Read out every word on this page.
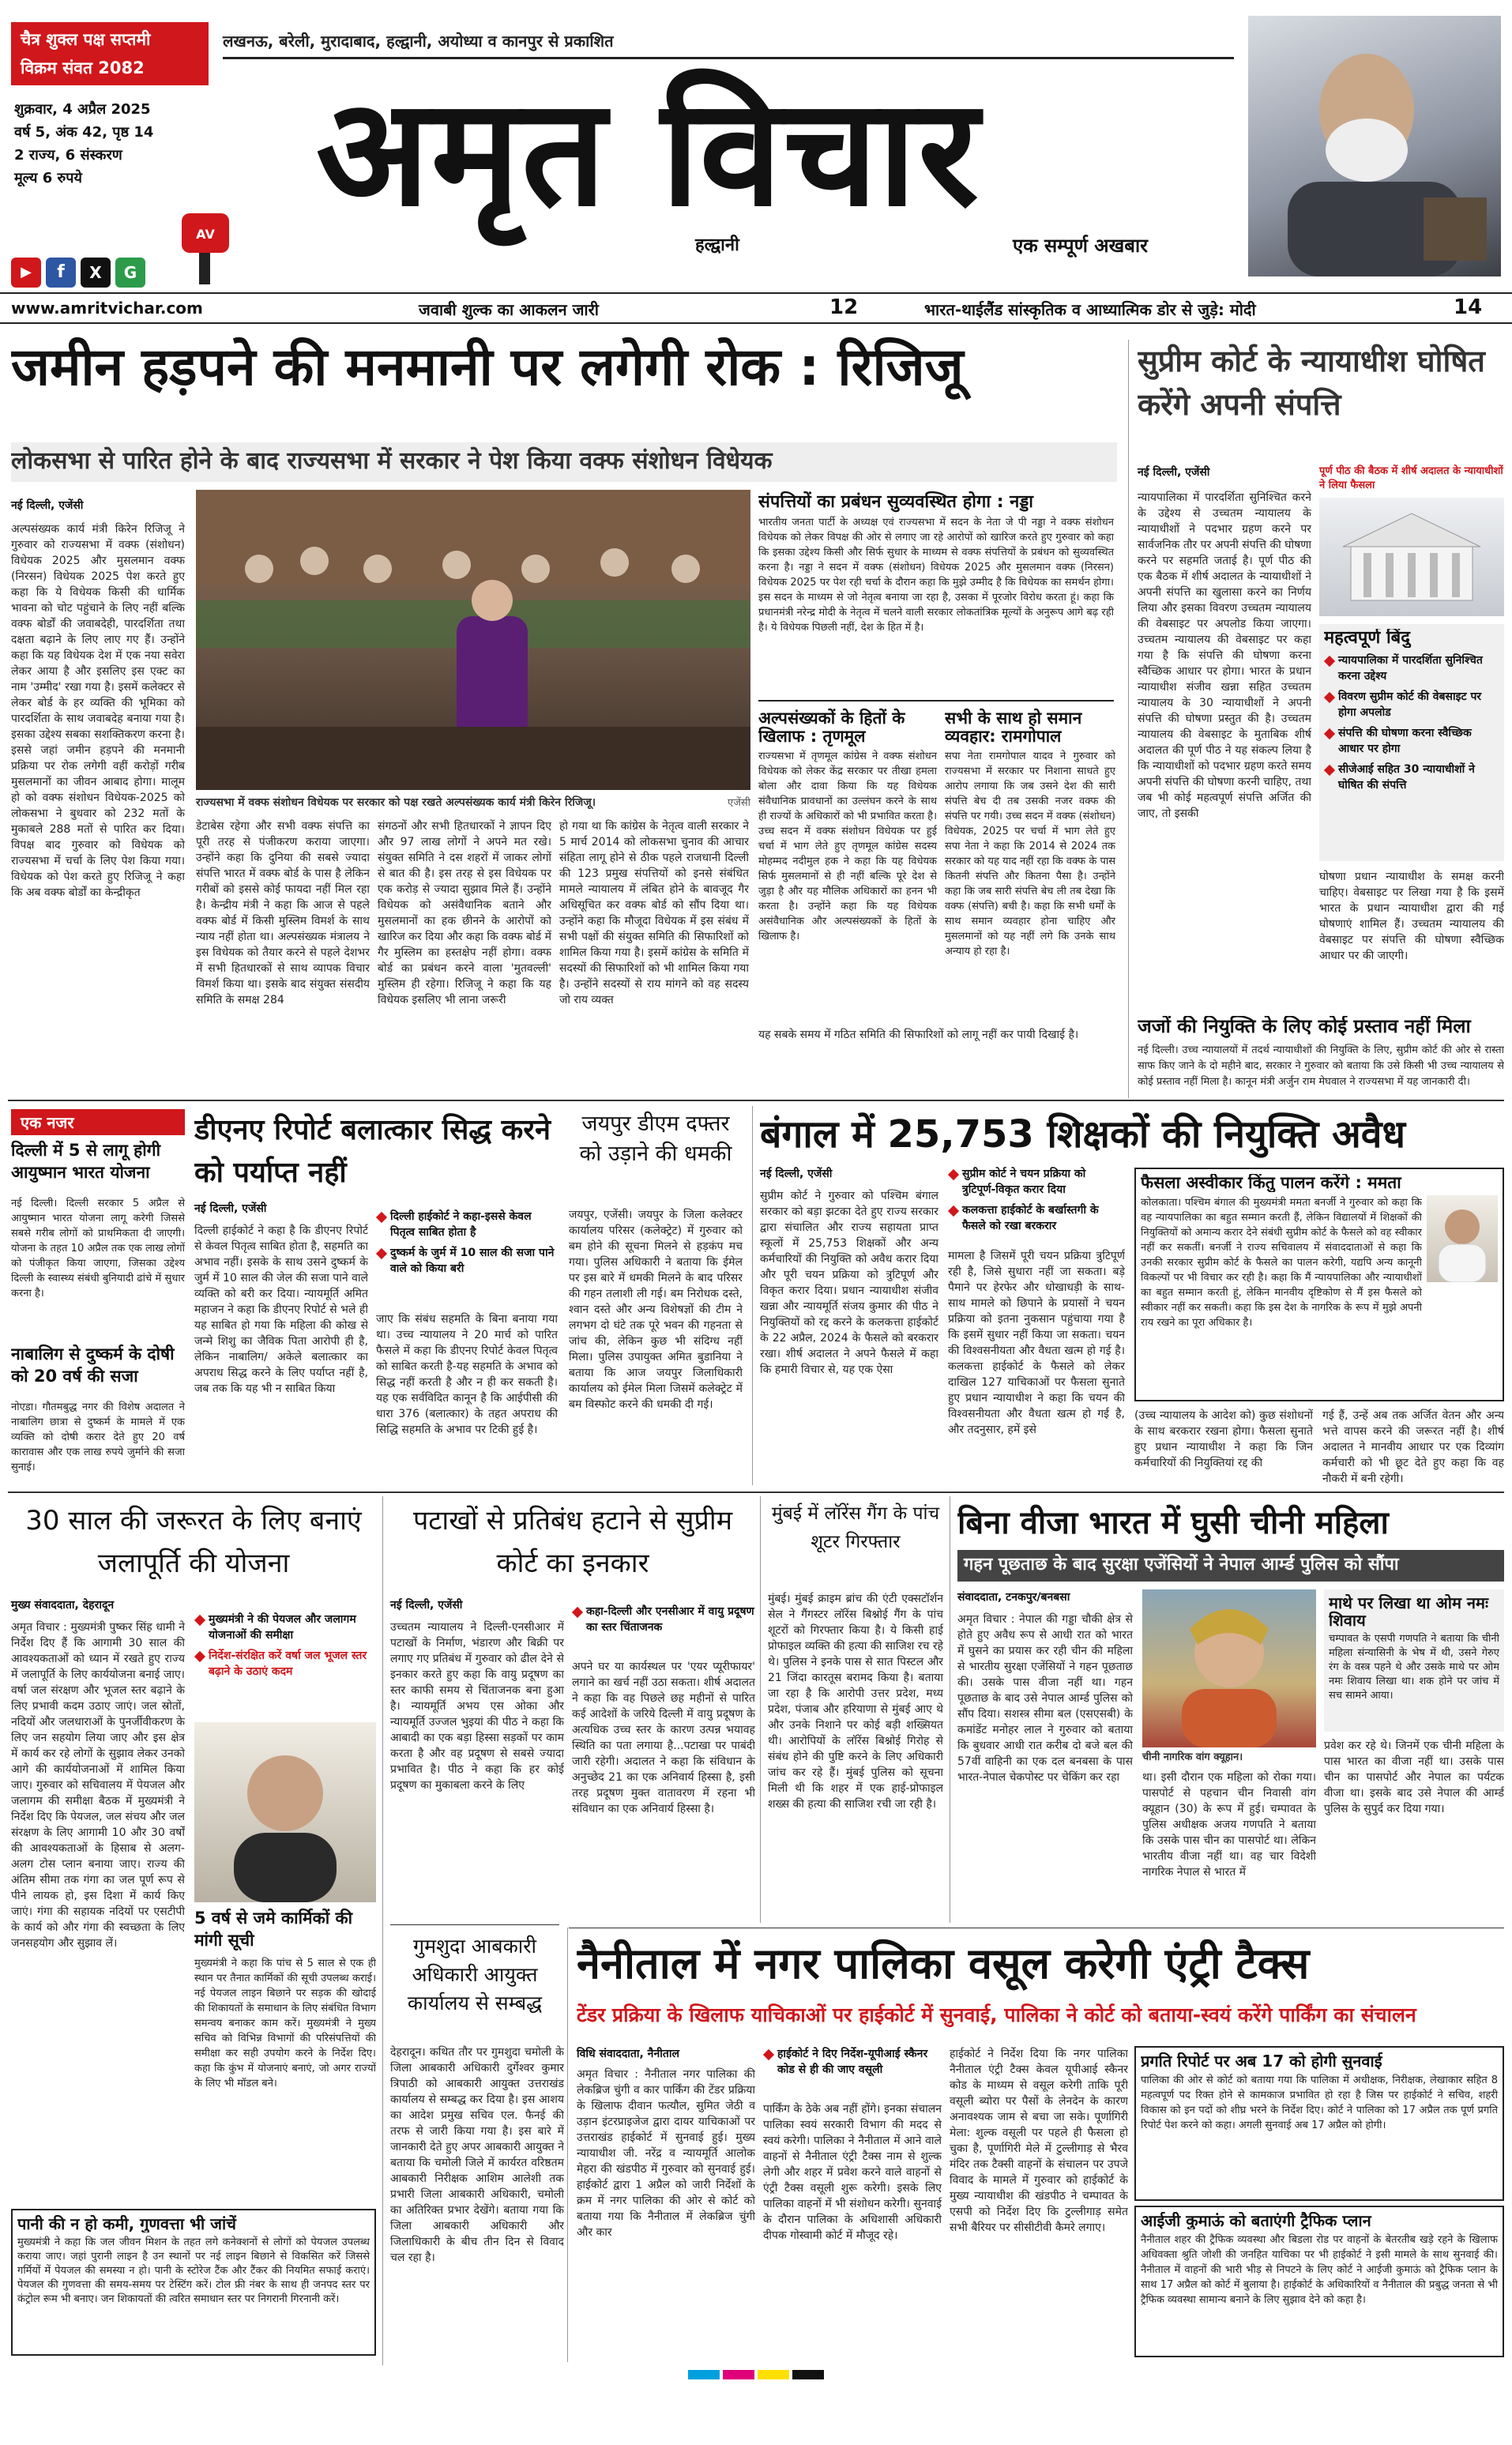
चैत्र शुक्ल पक्ष सप्तमी
विक्रम संवत 2082
लखनऊ, बरेली, मुरादाबाद, हल्द्वानी, अयोध्या व कानपुर से प्रकाशित
शुक्रवार, 4 अप्रैल 2025
वर्ष 5, अंक 42, पृष्ठ 14
2 राज्य, 6 संस्करण
मूल्य 6 रुपये	अमृत विचार
हल्द्वानी	एक सम्पूर्ण अखबार
AV
▶	f	X	G
www.amritvichar.com	जवाबी शुल्क का आकलन जारी	12	भारत-थाईलैंड सांस्कृतिक व आध्यात्मिक डोर से जुड़े: मोदी	14
जमीन हड़पने की मनमानी पर लगेगी रोक : रिजिजू
लोकसभा से पारित होने के बाद राज्यसभा में सरकार ने पेश किया वक्फ संशोधन विधेयक
नई दिल्ली, एजेंसी
अल्पसंख्यक कार्य मंत्री किरेन रिजिजू ने गुरुवार को राज्यसभा में वक्फ (संशोधन) विधेयक 2025 और मुसलमान वक्फ (निरसन) विधेयक 2025 पेश करते हुए कहा कि ये विधेयक किसी की धार्मिक भावना को चोट पहुंचाने के लिए नहीं बल्कि वक्फ बोर्डों की जवाबदेही, पारदर्शिता तथा दक्षता बढ़ाने के लिए लाए गए हैं। उन्होंने कहा कि यह विधेयक देश में एक नया सवेरा लेकर आया है और इसलिए इस एक्ट का नाम 'उम्मीद' रखा गया है। इसमें कलेक्टर से लेकर बोर्ड के हर व्यक्ति की भूमिका को पारदर्शिता के साथ जवाबदेह बनाया गया है। इसका उद्देश्य सबका सशक्तिकरण करना है। इससे जहां जमीन हड़पने की मनमानी प्रक्रिया पर रोक लगेगी वहीं करोड़ों गरीब मुसलमानों का जीवन आबाद होगा। मालूम हो को वक्फ संशोधन विधेयक-2025 को लोकसभा ने बुधवार को 232 मतों के मुकाबले 288 मतों से पारित कर दिया। विपक्ष बाद गुरुवार को विधेयक को राज्यसभा में चर्चा के लिए पेश किया गया। विधेयक को पेश करते हुए रिजिजू ने कहा कि अब वक्फ बोर्डों का केन्द्रीकृत
राज्यसभा में वक्फ संशोधन विधेयक पर सरकार को पक्ष रखते अल्पसंख्यक कार्य मंत्री किरेन रिजिजू।	एजेंसी
डेटाबेस रहेगा और सभी वक्फ संपत्ति का पूरी तरह से पंजीकरण कराया जाएगा। उन्होंने कहा कि दुनिया की सबसे ज्यादा संपत्ति भारत में वक्फ बोर्ड के पास है लेकिन गरीबों को इससे कोई फायदा नहीं मिल रहा है। केन्द्रीय मंत्री ने कहा कि आज से पहले वक्फ बोर्ड में किसी मुस्लिम विमर्श के साथ न्याय नहीं होता था। अल्पसंख्यक मंत्रालय ने इस विधेयक को तैयार करने से पहले देशभर में सभी हितधारकों से साथ व्यापक विचार विमर्श किया था। इसके बाद संयुक्त संसदीय समिति के समक्ष 284
संगठनों और सभी हितधारकों ने ज्ञापन दिए और 97 लाख लोगों ने अपने मत रखे। संयुक्त समिति ने दस शहरों में जाकर लोगों से बात की है। इस तरह से इस विधेयक पर एक करोड़ से ज्यादा सुझाव मिले हैं। उन्होंने विधेयक को असंवैधानिक बताने और मुसलमानों का हक छीनने के आरोपों को खारिज कर दिया और कहा कि वक्फ बोर्ड में गैर मुस्लिम का हस्तक्षेप नहीं होगा। वक्फ बोर्ड का प्रबंधन करने वाला 'मुतवल्ली' मुस्लिम ही रहेगा। रिजिजू ने कहा कि यह विधेयक इसलिए भी लाना जरूरी
हो गया था कि कांग्रेस के नेतृत्व वाली सरकार ने 5 मार्च 2014 को लोकसभा चुनाव की आचार संहिता लागू होने से ठीक पहले राजधानी दिल्ली की 123 प्रमुख संपत्तियों को इनसे संबंधित मामले न्यायालय में लंबित होने के बावजूद गैर अधिसूचित कर वक्फ बोर्ड को सौंप दिया था। उन्होंने कहा कि मौजूदा विधेयक में इस संबंध में सभी पक्षों की संयुक्त समिति की सिफारिशों को शामिल किया गया है। इसमें कांग्रेस के समिति में सदस्यों की सिफारिशों को भी शामिल किया गया है। उन्होंने सदस्यों से राय मांगने को वह सदस्य जो राय व्यक्त
यह सबके समय में गठित समिति की सिफारिशों को लागू नहीं कर पायी दिखाई है।
संपत्तियों का प्रबंधन सुव्यवस्थित होगा : नड्डा
भारतीय जनता पार्टी के अध्यक्ष एवं राज्यसभा में सदन के नेता जे पी नड्डा ने वक्फ संशोधन विधेयक को लेकर विपक्ष की ओर से लगाए जा रहे आरोपों को खारिज करते हुए गुरुवार को कहा कि इसका उद्देश्य किसी और सिर्फ सुधार के माध्यम से वक्फ संपत्तियों के प्रबंधन को सुव्यवस्थित करना है। नड्डा ने सदन में वक्फ (संशोधन) विधेयक 2025 और मुसलमान वक्फ (निरसन) विधेयक 2025 पर पेश रही चर्चा के दौरान कहा कि मुझे उम्मीद है कि विधेयक का समर्थन होगा। इस सदन के माध्यम से जो नेतृत्व बनाया जा रहा है, उसका में पूरजोर विरोध करता हूं। कहा कि प्रधानमंत्री नरेन्द्र मोदी के नेतृत्व में चलने वाली सरकार लोकतांत्रिक मूल्यों के अनुरूप आगे बढ़ रही है। ये विधेयक पिछली नहीं, देश के हित में है।
अल्पसंख्यकों के हितों के खिलाफ : तृणमूल
राज्यसभा में तृणमूल कांग्रेस ने वक्फ संशोधन विधेयक को लेकर केंद्र सरकार पर तीखा हमला बोला और दावा किया कि यह विधेयक संवैधानिक प्रावधानों का उल्लंघन करने के साथ ही राज्यों के अधिकारों को भी प्रभावित करता है। उच्च सदन में वक्फ संशोधन विधेयक पर हुई चर्चा में भाग लेते हुए तृणमूल कांग्रेस सदस्य मोहम्मद नदीमुल हक ने कहा कि यह विधेयक सिर्फ मुसलमानों से ही नहीं बल्कि पूरे देश से जुड़ा है और यह मौलिक अधिकारों का हनन भी करता है। उन्होंने कहा कि यह विधेयक असंवैधानिक और अल्पसंख्यकों के हितों के खिलाफ है।
सभी के साथ हो समान व्यवहार: रामगोपाल
सपा नेता रामगोपाल यादव ने गुरुवार को राज्यसभा में सरकार पर निशाना साधते हुए आरोप लगाया कि जब उसने देश की सारी संपत्ति बेच दी तब उसकी नजर वक्फ की संपत्ति पर गयी। उच्च सदन में वक्फ (संशोधन) विधेयक, 2025 पर चर्चा में भाग लेते हुए सपा नेता ने कहा कि 2014 से 2024 तक सरकार को यह याद नहीं रहा कि वक्फ के पास कितनी संपत्ति और कितना पैसा है। उन्होंने कहा कि जब सारी संपत्ति बेच ली तब देखा कि वक्फ (संपत्ति) बची है। कहा कि सभी धर्मों के साथ समान व्यवहार होना चाहिए और मुसलमानों को यह नहीं लगे कि उनके साथ अन्याय हो रहा है।
सुप्रीम कोर्ट के न्यायाधीश घोषित करेंगे अपनी संपत्ति
नई दिल्ली, एजेंसी	पूर्ण पीठ की बैठक में शीर्ष अदालत के न्यायाधीशों ने लिया फैसला
न्यायपालिका में पारदर्शिता सुनिश्चित करने के उद्देश्य से उच्चतम न्यायालय के न्यायाधीशों ने पदभार ग्रहण करने पर सार्वजनिक तौर पर अपनी संपत्ति की घोषणा करने पर सहमति जताई है। पूर्ण पीठ की एक बैठक में शीर्ष अदालत के न्यायाधीशों ने अपनी संपत्ति का खुलासा करने का निर्णय लिया और इसका विवरण उच्चतम न्यायालय की वेबसाइट पर अपलोड किया जाएगा। उच्चतम न्यायालय की वेबसाइट पर कहा गया है कि संपत्ति की घोषणा करना स्वैच्छिक आधार पर होगा। भारत के प्रधान न्यायाधीश संजीव खन्ना सहित उच्चतम न्यायालय के 30 न्यायाधीशों ने अपनी संपत्ति की घोषणा प्रस्तुत की है। उच्चतम न्यायालय की वेबसाइट के मुताबिक शीर्ष अदालत की पूर्ण पीठ ने यह संकल्प लिया है कि न्यायाधीशों को पदभार ग्रहण करते समय अपनी संपत्ति की घोषणा करनी चाहिए, तथा जब भी कोई महत्वपूर्ण संपत्ति अर्जित की जाए, तो इसकी
महत्वपूर्ण बिंदु
न्यायपालिका में पारदर्शिता सुनिश्चित करना उद्देश्य
विवरण सुप्रीम कोर्ट की वेबसाइट पर होगा अपलोड
संपत्ति की घोषणा करना स्वैच्छिक आधार पर होगा
सीजेआई सहित 30 न्यायाधीशों ने घोषित की संपत्ति
घोषणा प्रधान न्यायाधीश के समक्ष करनी चाहिए। वेबसाइट पर लिखा गया है कि इसमें भारत के प्रधान न्यायाधीश द्वारा की गई घोषणाएं शामिल हैं। उच्चतम न्यायालय की वेबसाइट पर संपत्ति की घोषणा स्वैच्छिक आधार पर की जाएगी।
जजों की नियुक्ति के लिए कोई प्रस्ताव नहीं मिला
नई दिल्ली। उच्च न्यायालयों में तदर्थ न्यायाधीशों की नियुक्ति के लिए, सुप्रीम कोर्ट की ओर से रास्ता साफ किए जाने के दो महीने बाद, सरकार ने गुरुवार को बताया कि उसे किसी भी उच्च न्यायालय से कोई प्रस्ताव नहीं मिला है। कानून मंत्री अर्जुन राम मेघवाल ने राज्यसभा में यह जानकारी दी।
एक नजर
दिल्ली में 5 से लागू होगी आयुष्मान भारत योजना
नई दिल्ली। दिल्ली सरकार 5 अप्रैल से आयुष्मान भारत योजना लागू करेगी जिससे सबसे गरीब लोगों को प्राथमिकता दी जाएगी। योजना के तहत 10 अप्रैल तक एक लाख लोगों को पंजीकृत किया जाएगा, जिसका उद्देश्य दिल्ली के स्वास्थ्य संबंधी बुनियादी ढांचे में सुधार करना है।
नाबालिग से दुष्कर्म के दोषी को 20 वर्ष की सजा
नोएडा। गौतमबुद्ध नगर की विशेष अदालत ने नाबालिग छात्रा से दुष्कर्म के मामले में एक व्यक्ति को दोषी करार देते हुए 20 वर्ष कारावास और एक लाख रुपये जुर्माने की सजा सुनाई।
डीएनए रिपोर्ट बलात्कार सिद्ध करने को पर्याप्त नहीं
नई दिल्ली, एजेंसी
दिल्ली हाईकोर्ट ने कहा-इससे केवल पितृत्व साबित होता है
दुष्कर्म के जुर्म में 10 साल की सजा पाने वाले को किया बरी
दिल्ली हाईकोर्ट ने कहा है कि डीएनए रिपोर्ट से केवल पितृत्व साबित होता है, सहमति का अभाव नहीं। इसके के साथ उसने दुष्कर्म के जुर्म में 10 साल की जेल की सजा पाने वाले व्यक्ति को बरी कर दिया। न्यायमूर्ति अमित महाजन ने कहा कि डीएनए रिपोर्ट से भले ही यह साबित हो गया कि महिला की कोख से जन्मे शिशु का जैविक पिता आरोपी ही है, लेकिन नाबालिग/ अकेले बलात्कार का अपराध सिद्ध करने के लिए पर्याप्त नहीं है, जब तक कि यह भी न साबित किया
जाए कि संबंध सहमति के बिना बनाया गया था। उच्च न्यायालय ने 20 मार्च को पारित फैसले में कहा कि डीएनए रिपोर्ट केवल पितृत्व को साबित करती है-यह सहमति के अभाव को सिद्ध नहीं करती है और न ही कर सकती है। यह एक सर्वविदित कानून है कि आईपीसी की धारा 376 (बलात्कार) के तहत अपराध की सिद्धि सहमति के अभाव पर टिकी हुई है।
जयपुर डीएम दफ्तर को उड़ाने की धमकी
जयपुर, एजेंसी। जयपुर के जिला कलेक्टर कार्यालय परिसर (कलेक्ट्रेट) में गुरुवार को बम होने की सूचना मिलने से हड़कंप मच गया। पुलिस अधिकारी ने बताया कि ईमेल पर इस बारे में धमकी मिलने के बाद परिसर की गहन तलाशी ली गई। बम निरोधक दस्ते, श्वान दस्ते और अन्य विशेषज्ञों की टीम ने लगभग दो घंटे तक पूरे भवन की गहनता से जांच की, लेकिन कुछ भी संदिग्ध नहीं मिला। पुलिस उपायुक्त अमित बुडानिया ने बताया कि आज जयपुर जिलाधिकारी कार्यालय को ईमेल मिला जिसमें कलेक्ट्रेट में बम विस्फोट करने की धमकी दी गई।
बंगाल में 25,753 शिक्षकों की नियुक्ति अवैध
नई दिल्ली, एजेंसी	सुप्रीम कोर्ट ने चयन प्रक्रिया को त्रुटिपूर्ण-विकृत करार दिया
कलकत्ता हाईकोर्ट के बर्खास्तगी के फैसले को रखा बरकरार
सुप्रीम कोर्ट ने गुरुवार को पश्चिम बंगाल सरकार को बड़ा झटका देते हुए राज्य सरकार द्वारा संचालित और राज्य सहायता प्राप्त स्कूलों में 25,753 शिक्षकों और अन्य कर्मचारियों की नियुक्ति को अवैध करार दिया और पूरी चयन प्रक्रिया को त्रुटिपूर्ण और विकृत करार दिया। प्रधान न्यायाधीश संजीव खन्ना और न्यायमूर्ति संजय कुमार की पीठ ने नियुक्तियों को रद्द करने के कलकत्ता हाईकोर्ट के 22 अप्रैल, 2024 के फैसले को बरकरार रखा। शीर्ष अदालत ने अपने फैसले में कहा कि हमारी विचार से, यह एक ऐसा
मामला है जिसमें पूरी चयन प्रक्रिया त्रुटिपूर्ण रही है, जिसे सुधारा नहीं जा सकता। बड़े पैमाने पर हेरफेर और धोखाधड़ी के साथ-साथ मामले को छिपाने के प्रयासों ने चयन प्रक्रिया को इतना नुकसान पहुंचाया गया है कि इसमें सुधार नहीं किया जा सकता। चयन की विश्वसनीयता और वैधता खत्म हो गई है। कलकत्ता हाईकोर्ट के फैसले को लेकर दाखिल 127 याचिकाओं पर फैसला सुनाते हुए प्रधान न्यायाधीश ने कहा कि चयन की विश्वसनीयता और वैधता खत्म हो गई है, और तदनुसार, हमें इसे
फैसला अस्वीकार किंतु पालन करेंगे : ममता
कोलकाता। पश्चिम बंगाल की मुख्यमंत्री ममता बनर्जी ने गुरुवार को कहा कि वह न्यायपालिका का बहुत सम्मान करती हैं, लेकिन विद्यालयों में शिक्षकों की नियुक्तियों को अमान्य करार देने संबंधी सुप्रीम कोर्ट के फैसले को वह स्वीकार नहीं कर सकतीं। बनर्जी ने राज्य सचिवालय में संवाददाताओं से कहा कि उनकी सरकार सुप्रीम कोर्ट के फैसले का पालन करेगी, यद्यपि अन्य कानूनी विकल्पों पर भी विचार कर रही है। कहा कि मैं न्यायपालिका और न्यायाधीशों का बहुत सम्मान करती हूं, लेकिन मानवीय दृष्टिकोण से मैं इस फैसले को स्वीकार नहीं कर सकती। कहा कि इस देश के नागरिक के रूप में मुझे अपनी राय रखने का पूरा अधिकार है।
(उच्च न्यायालय के आदेश को) कुछ संशोधनों के साथ बरकरार रखना होगा। फैसला सुनाते हुए प्रधान न्यायाधीश ने कहा कि जिन कर्मचारियों की नियुक्तियां रद्द की
गई हैं, उन्हें अब तक अर्जित वेतन और अन्य भत्ते वापस करने की जरूरत नहीं है। शीर्ष अदालत ने मानवीय आधार पर एक दिव्यांग कर्मचारी को भी छूट देते हुए कहा कि वह नौकरी में बनी रहेगी।
30 साल की जरूरत के लिए बनाएं जलापूर्ति की योजना
मुख्य संवाददाता, देहरादून
अमृत विचार : मुख्यमंत्री पुष्कर सिंह धामी ने निर्देश दिए हैं कि आगामी 30 साल की आवश्यकताओं को ध्यान में रखते हुए राज्य में जलापूर्ति के लिए कार्ययोजना बनाई जाए। वर्षा जल संरक्षण और भूजल स्तर बढ़ाने के लिए प्रभावी कदम उठाए जाएं। जल स्रोतों, नदियों और जलधाराओं के पुनर्जीवीकरण के लिए जन सहयोग लिया जाए और इस क्षेत्र में कार्य कर रहे लोगों के सुझाव लेकर उनको आगे की कार्ययोजनाओं में शामिल किया जाए। गुरुवार को सचिवालय में पेयजल और जलागम की समीक्षा बैठक में मुख्यमंत्री ने निर्देश दिए कि पेयजल, जल संचय और जल संरक्षण के लिए आगामी 10 और 30 वर्षों की आवश्यकताओं के हिसाब से अलग-अलग टोस प्लान बनाया जाए। राज्य की अंतिम सीमा तक गंगा का जल पूर्ण रूप से पीने लायक हो, इस दिशा में कार्य किए जाएं। गंगा की सहायक नदियों पर एसटीपी के कार्य को और गंगा की स्वच्छता के लिए जनसहयोग और सुझाव लें।
मुख्यमंत्री ने की पेयजल और जलागम योजनाओं की समीक्षा
निर्देश-संरक्षित करें वर्षा जल भूजल स्तर बढ़ाने के उठाएं कदम
5 वर्ष से जमे कार्मिकों की मांगी सूची
मुख्यमंत्री ने कहा कि पांच से 5 साल से एक ही स्थान पर तैनात कार्मिकों की सूची उपलब्ध कराई। नई पेयजल लाइन बिछाने पर सड़क की खोदाई की शिकायतों के समाधान के लिए संबंधित विभाग समन्वय बनाकर काम करें। मुख्यमंत्री ने मुख्य सचिव को विभिन्न विभागों की परिसंपत्तियों की समीक्षा कर सही उपयोग करने के निर्देश दिए। कहा कि कुंभ में योजनाएं बनाएं, जो अगर राज्यों के लिए भी मॉडल बने।
पानी की न हो कमी, गुणवत्ता भी जांचें
मुख्यमंत्री ने कहा कि जल जीवन मिशन के तहत लगे कनेक्शनों से लोगों को पेयजल उपलब्ध कराया जाए। जहां पुरानी लाइन है उन स्थानों पर नई लाइन बिछाने से विकसित करें जिससे गर्मियों में पेयजल की समस्या न हो। पानी के स्टोरेज टैंक और टैंकर की नियमित सफाई कराएं। पेयजल की गुणवत्ता की समय-समय पर टेस्टिंग करें। टोल फ्री नंबर के साथ ही जनपद स्तर पर कंट्रोल रूम भी बनाए। जन शिकायतों की त्वरित समाधान स्तर पर निगरानी गिरनानी करें।
पटाखों से प्रतिबंध हटाने से सुप्रीम कोर्ट का इनकार
नई दिल्ली, एजेंसी	कहा-दिल्ली और एनसीआर में वायु प्रदूषण का स्तर चिंताजनक
उच्चतम न्यायालय ने दिल्ली-एनसीआर में पटाखों के निर्माण, भंडारण और बिक्री पर लगाए गए प्रतिबंध में गुरुवार को ढील देने से इनकार करते हुए कहा कि वायु प्रदूषण का स्तर काफी समय से चिंताजनक बना हुआ है। न्यायमूर्ति अभय एस ओका और न्यायमूर्ति उज्जल भुइयां की पीठ ने कहा कि आबादी का एक बड़ा हिस्सा सड़कों पर काम करता है और वह प्रदूषण से सबसे ज्यादा प्रभावित है। पीठ ने कहा कि हर कोई प्रदूषण का मुकाबला करने के लिए
अपने घर या कार्यस्थल पर 'एयर प्यूरीफायर' लगाने का खर्च नहीं उठा सकता। शीर्ष अदालत ने कहा कि वह पिछले छह महीनों से पारित कई आदेशों के जरिये दिल्ली में वायु प्रदूषण के अत्यधिक उच्च स्तर के कारण उत्पन्न भयावह स्थिति का पता लगाया है...पटाखा पर पाबंदी जारी रहेगी। अदालत ने कहा कि संविधान के अनुच्छेद 21 का एक अनिवार्य हिस्सा है, इसी तरह प्रदूषण मुक्त वातावरण में रहना भी संविधान का एक अनिवार्य हिस्सा है।
गुमशुदा आबकारी अधिकारी आयुक्त कार्यालय से सम्बद्ध
देहरादून। कथित तौर पर गुमशुदा चमोली के जिला आबकारी अधिकारी दुर्गेश्वर कुमार त्रिपाठी को आबकारी आयुक्त उत्तराखंड कार्यालय से सम्बद्ध कर दिया है। इस आशय का आदेश प्रमुख सचिव एल. फैनई की तरफ से जारी किया गया है। इस बारे में जानकारी देते हुए अपर आबकारी आयुक्त ने बताया कि चमोली जिले में कार्यरत वरिष्ठतम आबकारी निरीक्षक आशिम आलेशी तक प्रभारी जिला आबकारी अधिकारी, चमोली का अतिरिक्त प्रभार देखेंगे। बताया गया कि जिला आबकारी अधिकारी और जिलाधिकारी के बीच तीन दिन से विवाद चल रहा है।
नैनीताल में नगर पालिका वसूल करेगी एंट्री टैक्स
टेंडर प्रक्रिया के खिलाफ याचिकाओं पर हाईकोर्ट में सुनवाई, पालिका ने कोर्ट को बताया-स्वयं करेंगे पार्किंग का संचालन
विधि संवाददाता, नैनीताल	हाईकोर्ट ने दिए निर्देश-यूपीआई स्कैनर कोड से ही की जाए वसूली
अमृत विचार : नैनीताल नगर पालिका की लेकब्रिज चुंगी व कार पार्किंग की टेंडर प्रक्रिया के खिलाफ दीवान फत्यौल, सुमित जेठी व उड़ान इंटरप्राइजेज द्वारा दायर याचिकाओं पर उत्तराखंड हाईकोर्ट में सुनवाई हुई। मुख्य न्यायाधीश जी. नरेंद्र व न्यायमूर्ति आलोक मेहरा की खंडपीठ में गुरुवार को सुनवाई हुई। हाईकोर्ट द्वारा 1 अप्रैल को जारी निर्देशों के क्रम में नगर पालिका की ओर से कोर्ट को बताया गया कि नैनीताल में लेकब्रिज चुंगी और कार
पार्किंग के ठेके अब नहीं होंगे। इनका संचालन पालिका स्वयं सरकारी विभाग की मदद से स्वयं करेगी। पालिका ने नैनीताल में आने वाले वाहनों से नैनीताल एंट्री टैक्स नाम से शुल्क लेगी और शहर में प्रवेश करने वाले वाहनों से एंट्री टैक्स वसूली शुरू करेगी। इसके लिए पालिका वाहनों में भी संशोधन करेगी। सुनवाई के दौरान पालिका के अधिशासी अधिकारी दीपक गोस्वामी कोर्ट में मौजूद रहे।
हाईकोर्ट ने निर्देश दिया कि नगर पालिका नैनीताल एंट्री टैक्स केवल यूपीआई स्कैनर कोड के माध्यम से वसूल करेगी ताकि पूरी वसूली ब्योरा पर पैसों के लेनदेन के कारण अनावश्यक जाम से बचा जा सके। पूर्णागिरी मेला: शुल्क वसूली पर पहले ही फैसला हो चुका है, पूर्णागिरी मेले में टुल्लीगाड़ से भैरव मंदिर तक टैक्सी वाहनों के संचालन पर उपजे विवाद के मामले में गुरुवार को हाईकोर्ट के मुख्य न्यायाधीश की खंडपीठ ने चम्पावत के एसपी को निर्देश दिए कि टुल्लीगाड़ समेत सभी बैरियर पर सीसीटीवी कैमरे लगाए।
प्रगति रिपोर्ट पर अब 17 को होगी सुनवाई
पालिका की ओर से कोर्ट को बताया गया कि पालिका में अधीक्षक, निरीक्षक, लेखाकार सहित 8 महत्वपूर्ण पद रिक्त होने से कामकाज प्रभावित हो रहा है जिस पर हाईकोर्ट ने सचिव, शहरी विकास को इन पदों को शीघ्र भरने के निर्देश दिए। कोर्ट ने पालिका को 17 अप्रैल तक पूर्ण प्रगति रिपोर्ट पेश करने को कहा। अगली सुनवाई अब 17 अप्रैल को होगी।
आईजी कुमाऊं को बताएंगी ट्रैफिक प्लान
नैनीताल शहर की ट्रैफिक व्यवस्था और बिडला रोड पर वाहनों के बेतरतीब खड़े रहने के खिलाफ अधिवक्ता श्रुति जोशी की जनहित याचिका पर भी हाईकोर्ट ने इसी मामले के साथ सुनवाई की। नैनीताल में वाहनों की भारी भीड़ से निपटने के लिए कोर्ट ने आईजी कुमाऊं को ट्रैफिक प्लान के साथ 17 अप्रैल को कोर्ट में बुलाया है। हाईकोर्ट के अधिकारियों व नैनीताल की प्रबुद्ध जनता से भी ट्रैफिक व्यवस्था सामान्य बनाने के लिए सुझाव देने को कहा है।
मुंबई में लॉरेंस गैंग के पांच शूटर गिरफ्तार
मुंबई। मुंबई क्राइम ब्रांच की एंटी एक्सटॉर्शन सेल ने गैंगस्टर लॉरेंस बिश्नोई गैंग के पांच शूटरों को गिरफ्तार किया है। ये किसी हाई प्रोफाइल व्यक्ति की हत्या की साजिश रच रहे थे। पुलिस ने इनके पास से सात पिस्टल और 21 जिंदा कारतूस बरामद किया है। बताया जा रहा है कि आरोपी उत्तर प्रदेश, मध्य प्रदेश, पंजाब और हरियाणा से मुंबई आए थे और उनके निशाने पर कोई बड़ी शख्सियत थी। आरोपियों के लॉरेंस बिश्नोई गिरोह से संबंध होने की पुष्टि करने के लिए अधिकारी जांच कर रहे हैं। मुंबई पुलिस को सूचना मिली थी कि शहर में एक हाई-प्रोफाइल शख्स की हत्या की साजिश रची जा रही है।
बिना वीजा भारत में घुसी चीनी महिला
गहन पूछताछ के बाद सुरक्षा एजेंसियों ने नेपाल आर्म्ड पुलिस को सौंपा
संवाददाता, टनकपुर/बनबसा
अमृत विचार : नेपाल की गड्डा चौकी क्षेत्र से होते हुए अवैध रूप से आधी रात को भारत में घुसने का प्रयास कर रही चीन की महिला से भारतीय सुरक्षा एजेंसियों ने गहन पूछताछ की। उसके पास वीजा नहीं था। गहन पूछताछ के बाद उसे नेपाल आर्म्ड पुलिस को सौंप दिया। सशस्त्र सीमा बल (एसएसबी) के कमांडेंट मनोहर लाल ने गुरुवार को बताया कि बुधवार आधी रात करीब दो बजे बल की 57वीं वाहिनी का एक दल बनबसा के पास भारत-नेपाल चेकपोस्ट पर चेकिंग कर रहा
चीनी नागरिक वांग क्यूहान।
था। इसी दौरान एक महिला को रोका गया। पासपोर्ट से पहचान चीन निवासी वांग क्यूहान (30) के रूप में हुई। चम्पावत के पुलिस अधीक्षक अजय गणपति ने बताया कि उसके पास चीन का पासपोर्ट था। लेकिन भारतीय वीजा नहीं था। वह चार विदेशी नागरिक नेपाल से भारत में
माथे पर लिखा था ओम नमः शिवाय
चम्पावत के एसपी गणपति ने बताया कि चीनी महिला संन्यासिनी के भेष में थी, उसने गेरुए रंग के वस्त्र पहने थे और उसके माथे पर ओम नमः शिवाय लिखा था। शक होने पर जांच में सच सामने आया।
प्रवेश कर रहे थे। जिनमें एक चीनी महिला के पास भारत का वीजा नहीं था। उसके पास चीन का पासपोर्ट और नेपाल का पर्यटक वीजा था। इसके बाद उसे नेपाल की आर्म्ड पुलिस के सुपुर्द कर दिया गया।
